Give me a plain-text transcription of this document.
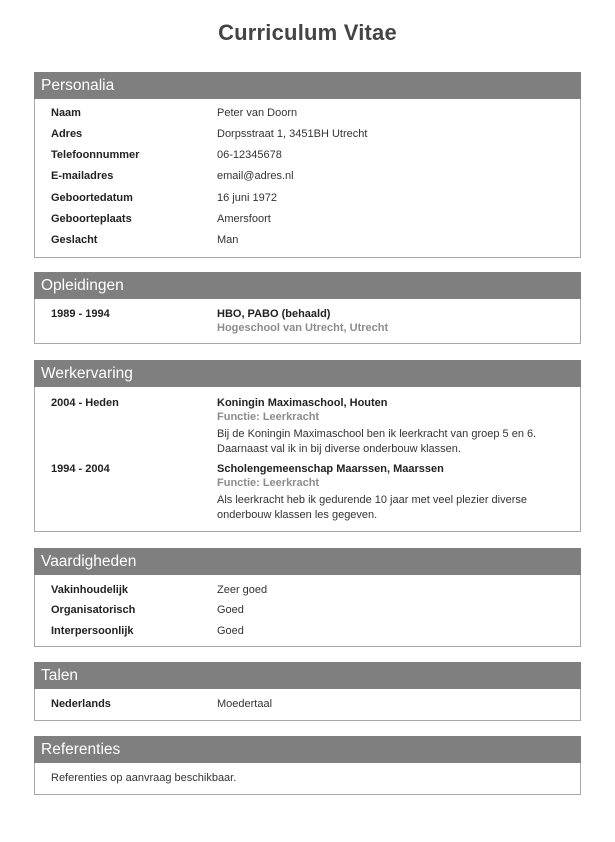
Curriculum Vitae
Personalia
Naam	Peter van Doorn
Adres	Dorpsstraat 1, 3451BH Utrecht
Telefoonnummer	06-12345678
E-mailadres	email@adres.nl
Geboortedatum	16 juni 1972
Geboorteplaats	Amersfoort
Geslacht	Man
Opleidingen
1989 - 1994	HBO, PABO (behaald)
Hogeschool van Utrecht, Utrecht
Werkervaring
2004 - Heden	Koningin Maximaschool, Houten
Functie: Leerkracht
Bij de Koningin Maximaschool ben ik leerkracht van groep 5 en 6. Daarnaast val ik in bij diverse onderbouw klassen.
1994 - 2004	Scholengemeenschap Maarssen, Maarssen
Functie: Leerkracht
Als leerkracht heb ik gedurende 10 jaar met veel plezier diverse onderbouw klassen les gegeven.
Vaardigheden
Vakinhoudelijk	Zeer goed
Organisatorisch	Goed
Interpersoonlijk	Goed
Talen
Nederlands	Moedertaal
Referenties
Referenties op aanvraag beschikbaar.
